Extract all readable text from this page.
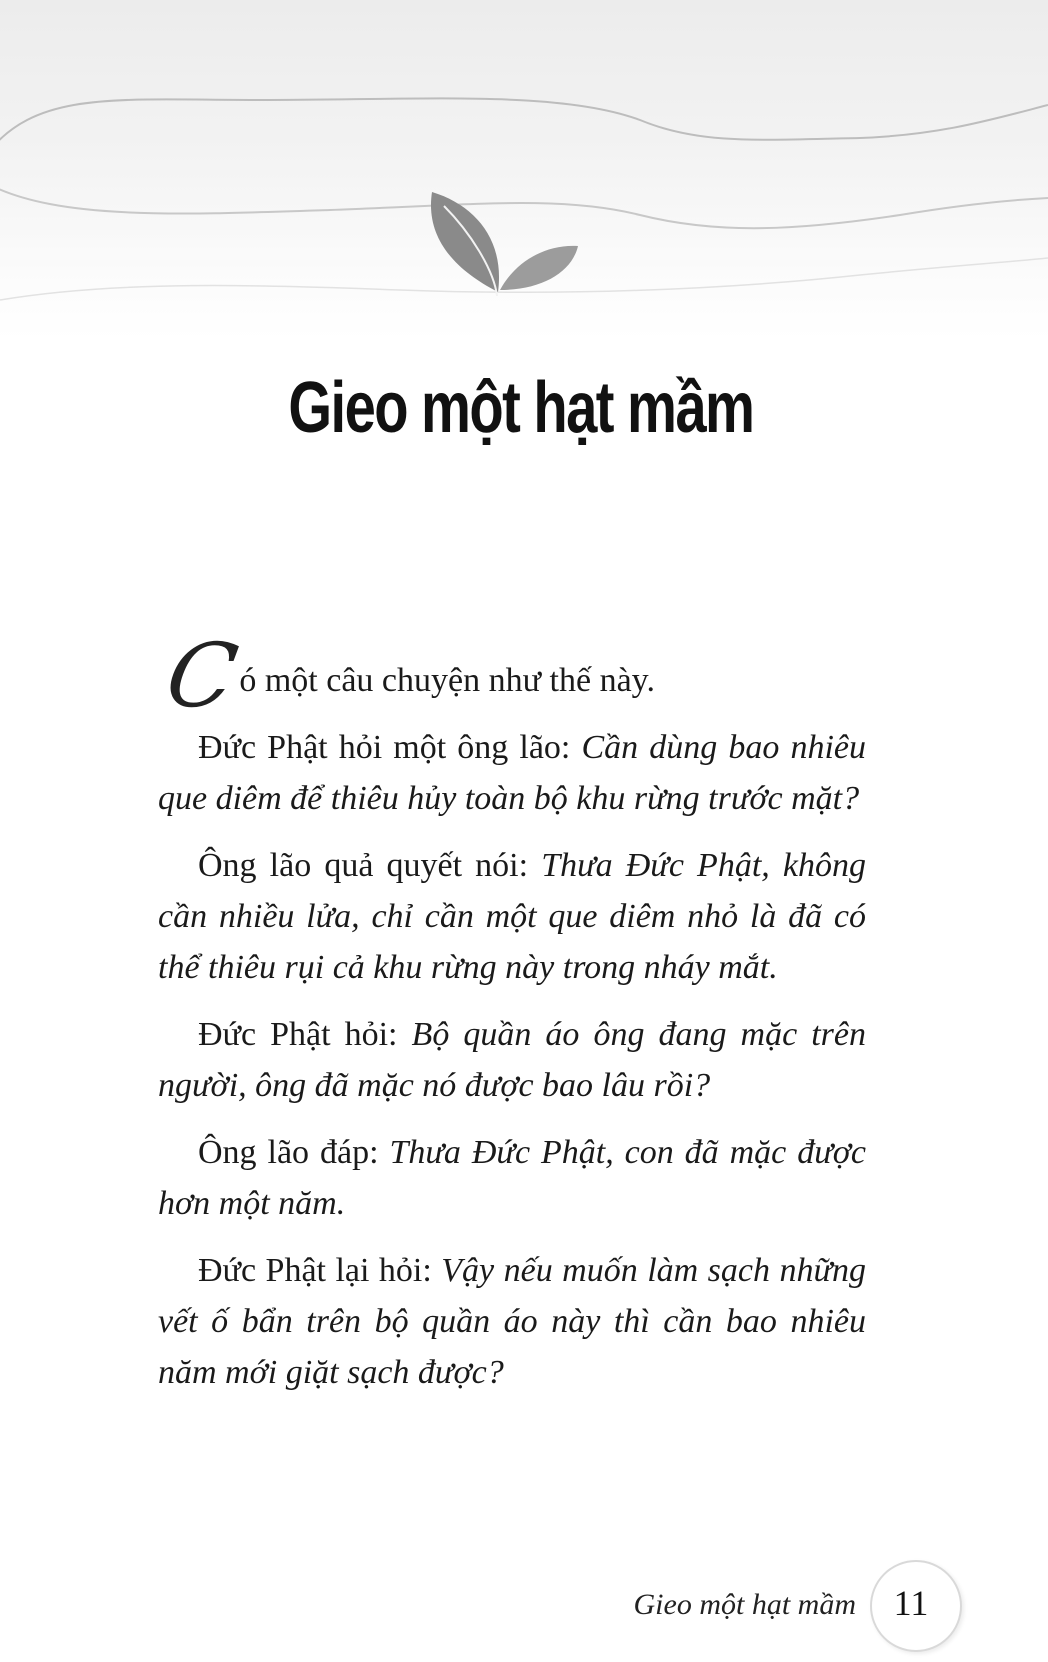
Gieo một hạt mầm

C
ó một câu chuyện như thế này.

Đức Phật hỏi một ông lão: Cần dùng bao nhiêu que diêm để thiêu hủy toàn bộ khu rừng trước mặt?

Ông lão quả quyết nói: Thưa Đức Phật, không cần nhiều lửa, chỉ cần một que diêm nhỏ là đã có thể thiêu rụi cả khu rừng này trong nháy mắt.

Đức Phật hỏi: Bộ quần áo ông đang mặc trên người, ông đã mặc nó được bao lâu rồi?

Ông lão đáp: Thưa Đức Phật, con đã mặc được hơn một năm.

Đức Phật lại hỏi: Vậy nếu muốn làm sạch những vết ố bẩn trên bộ quần áo này thì cần bao nhiêu năm mới giặt sạch được?

Gieo một hạt mầm	11
